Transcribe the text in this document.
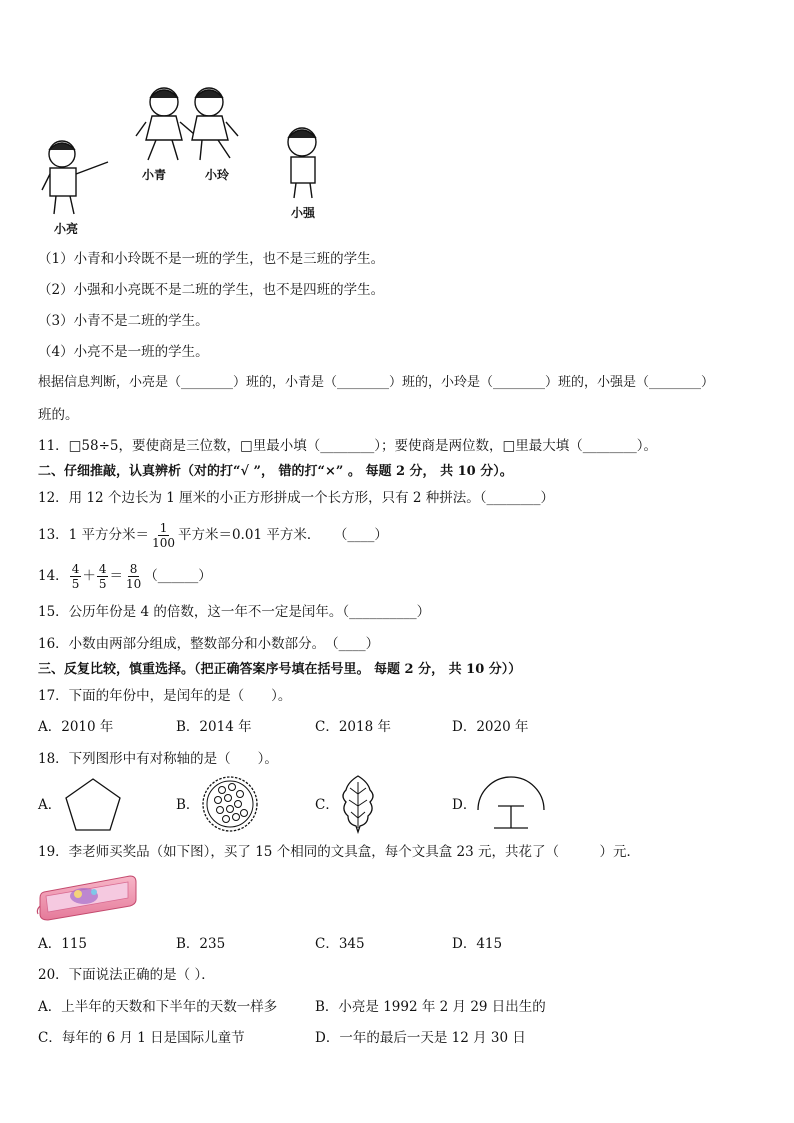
小青	小玲
小强
小亮
（1）小青和小玲既不是一班的学生，也不是三班的学生。
（2）小强和小亮既不是二班的学生，也不是四班的学生。
（3）小青不是二班的学生。
（4）小亮不是一班的学生。
根据信息判断，小亮是（________）班的，小青是（________）班的，小玲是（________）班的，小强是（________）
班的。
11．□58÷5，要使商是三位数，□里最小填（________）；要使商是两位数，□里最大填（________）。
二、仔细推敲，认真辨析（对的打“√ ”， 错的打“×” 。 每题 2 分， 共 10 分）。
12．用 12 个边长为 1 厘米的小正方形拼成一个长方形，只有 2 种拼法。（________）
13．1 平方分米＝ $\frac{1}{100}$ 平方米＝0.01 平方米．　　（____）
14． $\frac{4}{5} + \frac{4}{5} = \frac{8}{10}$ （______）
15．公历年份是 4 的倍数，这一年不一定是闰年。（__________）
16．小数由两部分组成，整数部分和小数部分。　（____）
三、反复比较，慎重选择。（把正确答案序号填在括号里。 每题 2 分， 共 10 分））
17．下面的年份中，是闰年的是（　　）。
A．2010 年	B．2014 年	C．2018 年	D．2020 年
18．下列图形中有对称轴的是（　　）。
A．	B．	C．	D．
19．李老师买奖品（如下图），买了 15 个相同的文具盒，每个文具盒 23 元，共花了（　　　）元．
A．115	B．235	C．345	D．415
20．下面说法正确的是（ ）．
A．上半年的天数和下半年的天数一样多	B．小亮是 1992 年 2 月 29 日出生的
C．每年的 6 月 1 日是国际儿童节	D．一年的最后一天是 12 月 30 日
